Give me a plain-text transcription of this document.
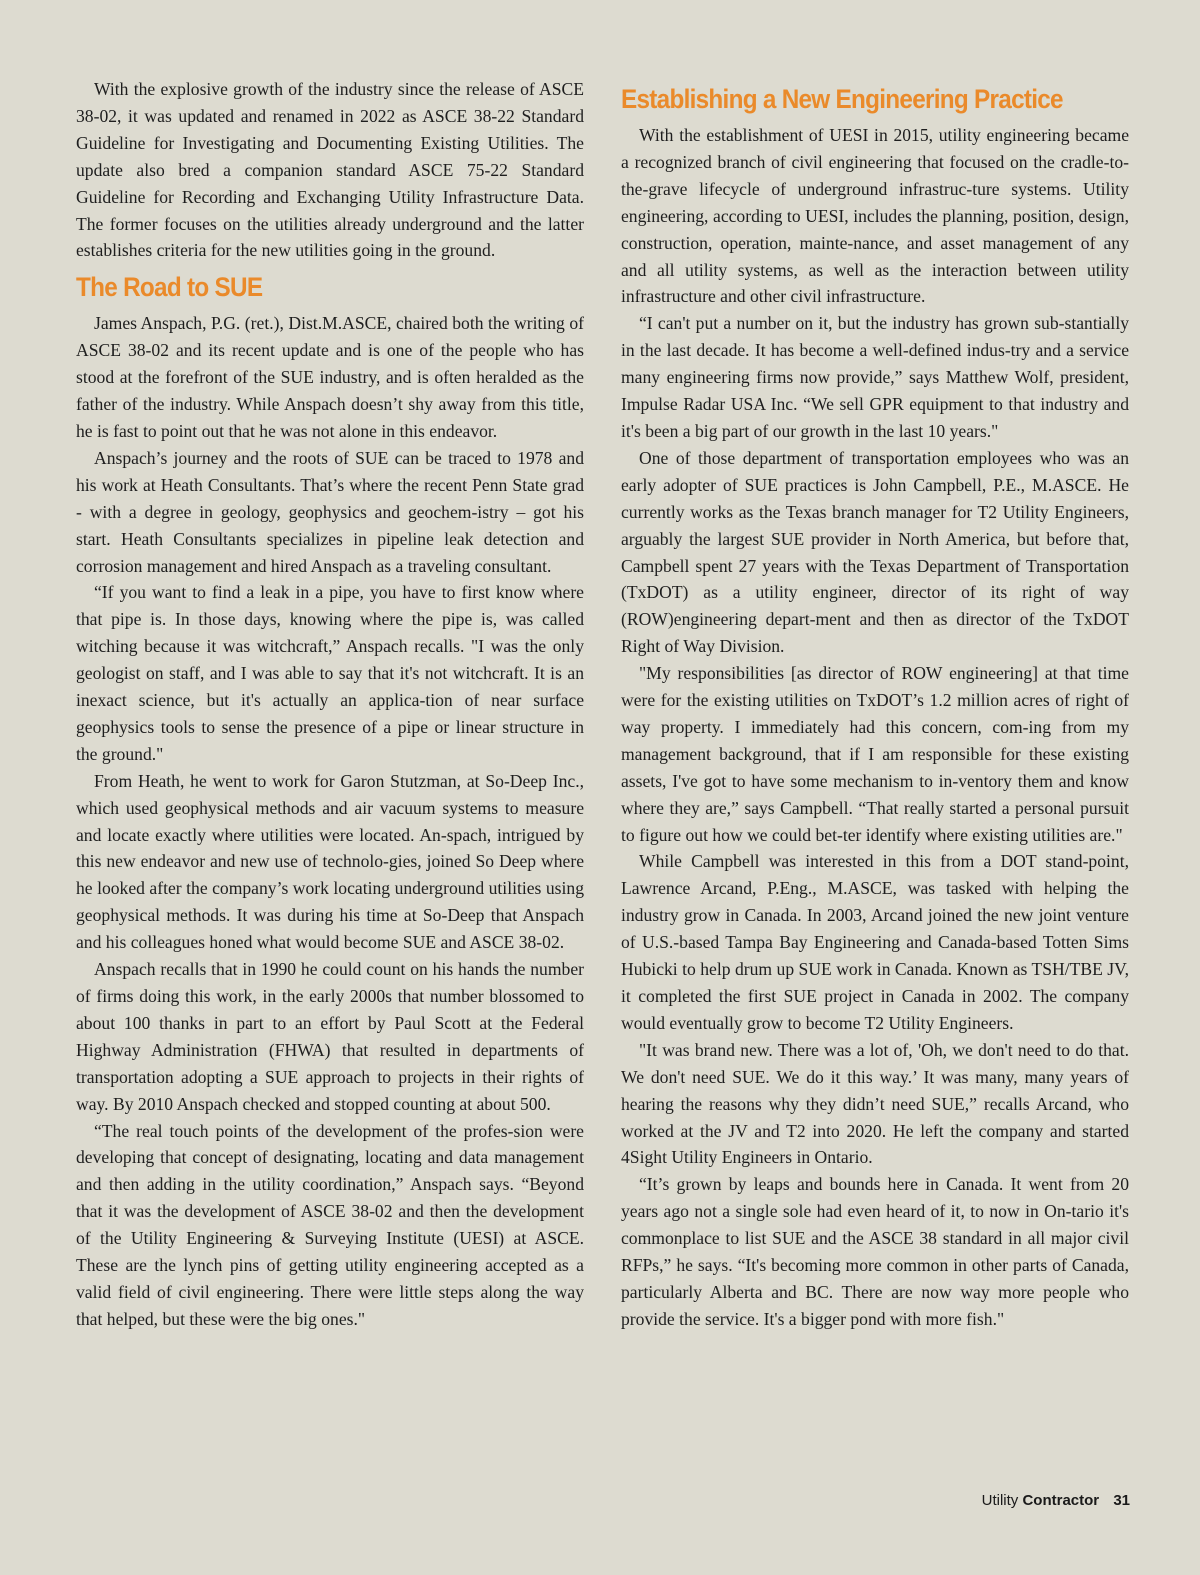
With the explosive growth of the industry since the release of ASCE 38-02, it was updated and renamed in 2022 as ASCE 38-22 Standard Guideline for Investigating and Documenting Existing Utilities. The update also bred a companion standard ASCE 75-22 Standard Guideline for Recording and Exchanging Utility Infrastructure Data. The former focuses on the utilities already underground and the latter establishes criteria for the new utilities going in the ground.

The Road to SUE

James Anspach, P.G. (ret.), Dist.M.ASCE, chaired both the writing of ASCE 38-02 and its recent update and is one of the people who has stood at the forefront of the SUE industry, and is often heralded as the father of the industry. While Anspach doesn’t shy away from this title, he is fast to point out that he was not alone in this endeavor.

Anspach’s journey and the roots of SUE can be traced to 1978 and his work at Heath Consultants. That’s where the recent Penn State grad - with a degree in geology, geophysics and geochem-istry – got his start. Heath Consultants specializes in pipeline leak detection and corrosion management and hired Anspach as a traveling consultant.

“If you want to find a leak in a pipe, you have to first know where that pipe is. In those days, knowing where the pipe is, was called witching because it was witchcraft,” Anspach recalls. "I was the only geologist on staff, and I was able to say that it's not witchcraft. It is an inexact science, but it's actually an applica-tion of near surface geophysics tools to sense the presence of a pipe or linear structure in the ground."

From Heath, he went to work for Garon Stutzman, at So-Deep Inc., which used geophysical methods and air vacuum systems to measure and locate exactly where utilities were located. An-spach, intrigued by this new endeavor and new use of technolo-gies, joined So Deep where he looked after the company’s work locating underground utilities using geophysical methods. It was during his time at So-Deep that Anspach and his colleagues honed what would become SUE and ASCE 38-02.

Anspach recalls that in 1990 he could count on his hands the number of firms doing this work, in the early 2000s that number blossomed to about 100 thanks in part to an effort by Paul Scott at the Federal Highway Administration (FHWA) that resulted in departments of transportation adopting a SUE approach to projects in their rights of way. By 2010 Anspach checked and stopped counting at about 500.

“The real touch points of the development of the profes-sion were developing that concept of designating, locating and data management and then adding in the utility coordination,” Anspach says. “Beyond that it was the development of ASCE 38-02 and then the development of the Utility Engineering & Surveying Institute (UESI) at ASCE. These are the lynch pins of getting utility engineering accepted as a valid field of civil engineering. There were little steps along the way that helped, but these were the big ones."

Establishing a New Engineering Practice

With the establishment of UESI in 2015, utility engineering became a recognized branch of civil engineering that focused on the cradle-to-the-grave lifecycle of underground infrastruc-ture systems. Utility engineering, according to UESI, includes the planning, position, design, construction, operation, mainte-nance, and asset management of any and all utility systems, as well as the interaction between utility infrastructure and other civil infrastructure.

“I can't put a number on it, but the industry has grown sub-stantially in the last decade. It has become a well-defined indus-try and a service many engineering firms now provide,” says Matthew Wolf, president, Impulse Radar USA Inc. “We sell GPR equipment to that industry and it's been a big part of our growth in the last 10 years."

One of those department of transportation employees who was an early adopter of SUE practices is John Campbell, P.E., M.ASCE. He currently works as the Texas branch manager for T2 Utility Engineers, arguably the largest SUE provider in North America, but before that, Campbell spent 27 years with the Texas Department of Transportation (TxDOT) as a utility engineer, director of its right of way (ROW)engineering depart-ment and then as director of the TxDOT Right of Way Division.

"My responsibilities [as director of ROW engineering] at that time were for the existing utilities on TxDOT’s 1.2 million acres of right of way property. I immediately had this concern, com-ing from my management background, that if I am responsible for these existing assets, I've got to have some mechanism to in-ventory them and know where they are,” says Campbell. “That really started a personal pursuit to figure out how we could bet-ter identify where existing utilities are."

While Campbell was interested in this from a DOT stand-point, Lawrence Arcand, P.Eng., M.ASCE, was tasked with helping the industry grow in Canada. In 2003, Arcand joined the new joint venture of U.S.-based Tampa Bay Engineering and Canada-based Totten Sims Hubicki to help drum up SUE work in Canada. Known as TSH/TBE JV, it completed the first SUE project in Canada in 2002. The company would eventually grow to become T2 Utility Engineers.

"It was brand new. There was a lot of, 'Oh, we don't need to do that. We don't need SUE. We do it this way.’ It was many, many years of hearing the reasons why they didn’t need SUE,” recalls Arcand, who worked at the JV and T2 into 2020. He left the company and started 4Sight Utility Engineers in Ontario.

“It’s grown by leaps and bounds here in Canada. It went from 20 years ago not a single sole had even heard of it, to now in On-tario it's commonplace to list SUE and the ASCE 38 standard in all major civil RFPs,” he says. “It's becoming more common in other parts of Canada, particularly Alberta and BC. There are now way more people who provide the service. It's a bigger pond with more fish."

Utility Contractor 31
